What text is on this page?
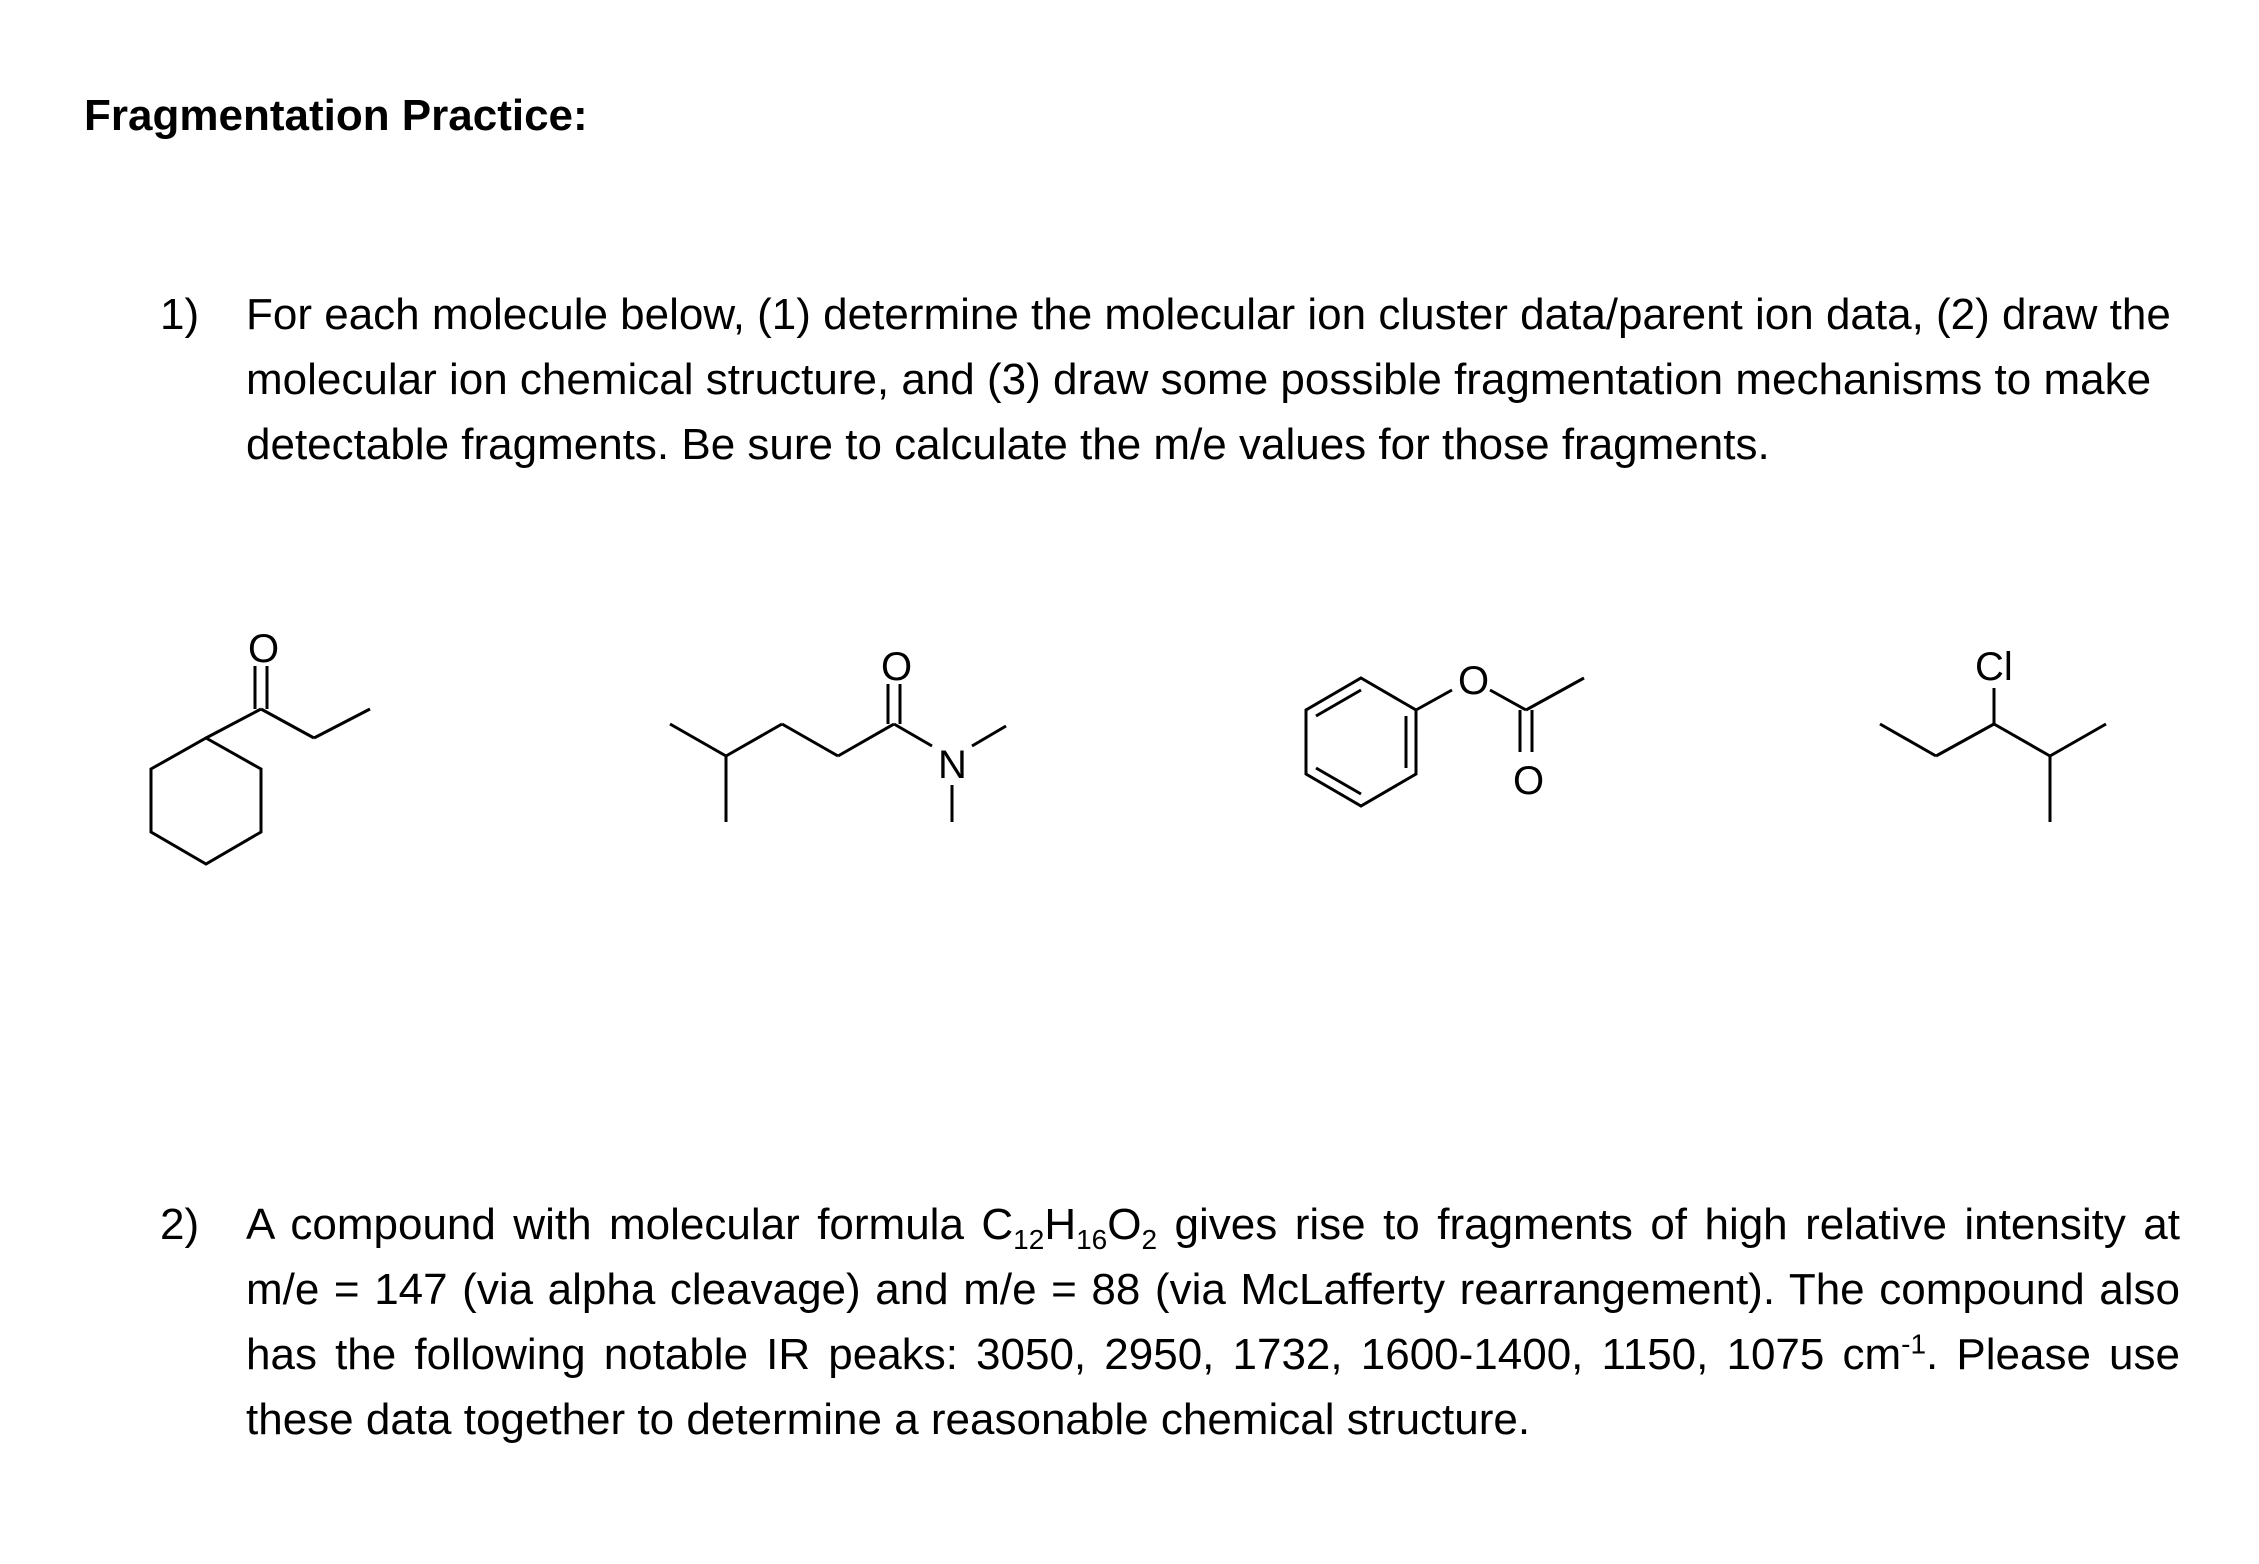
Fragmentation Practice:
1) For each molecule below, (1) determine the molecular ion cluster data/parent ion data, (2) draw the molecular ion chemical structure, and (3) draw some possible fragmentation mechanisms to make detectable fragments. Be sure to calculate the m/e values for those fragments.
2) A compound with molecular formula $C_{12}H_{16}O_2$ gives rise to fragments of high relative intensity at m/e = 147 (via alpha cleavage) and m/e = 88 (via McLafferty rearrangement). The compound also has the following notable IR peaks: 3050, 2950, 1732, 1600-1400, 1150, 1075 $cm^{-1}$. Please use these data together to determine a reasonable chemical structure.
O	O
N
O
O
Cl
